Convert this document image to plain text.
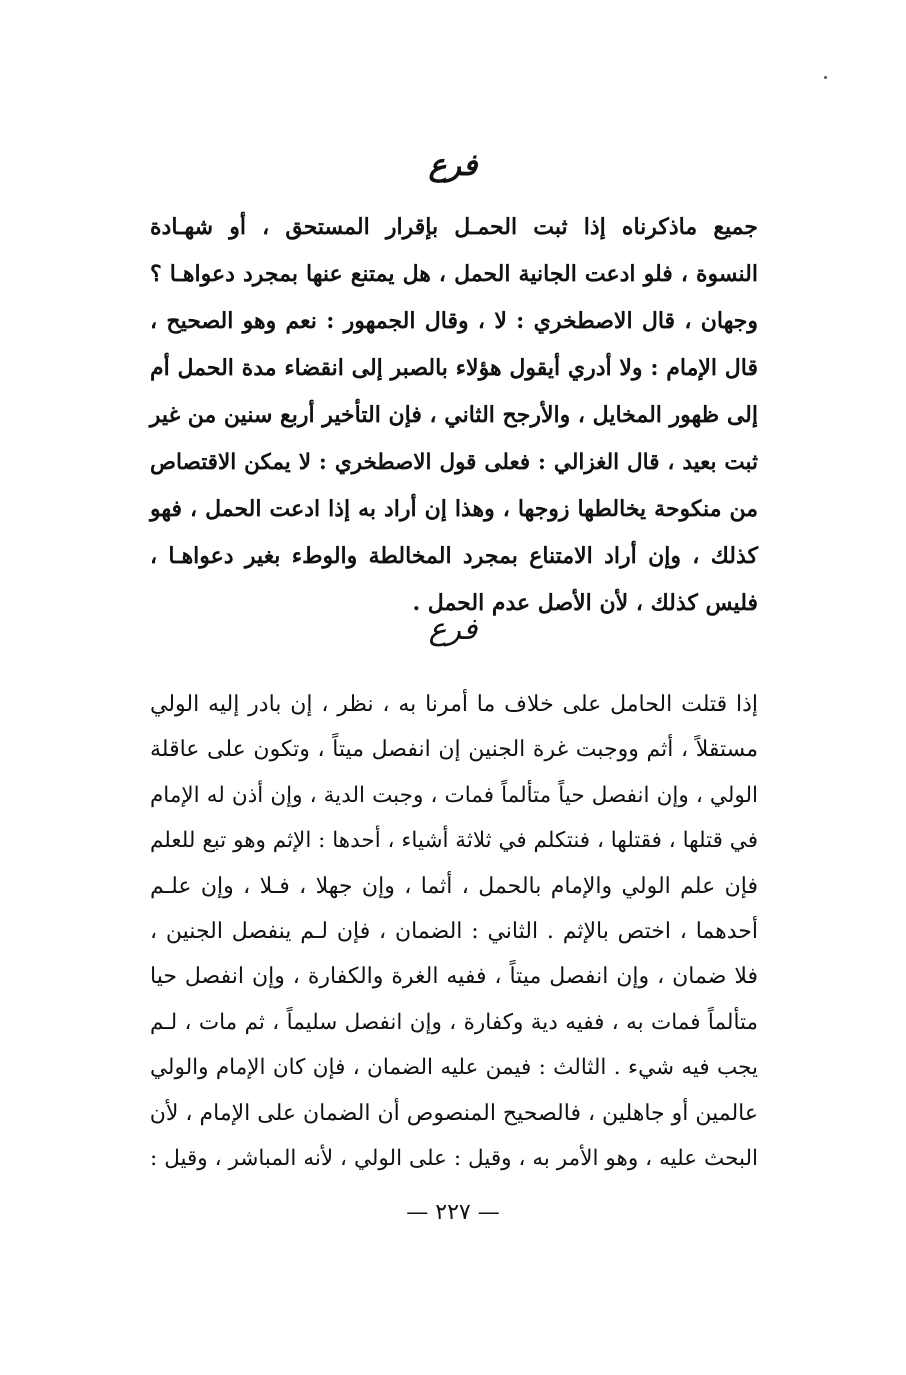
فرع
جميع ماذكرناه إذا ثبت الحمـل بإقرار المستحق ، أو شهـادة
النسوة ، فلو ادعت الجانية الحمل ، هل يمتنع عنها بمجرد دعواهـا ؟
وجهان ، قال الاصطخري : لا ، وقال الجمهور : نعم وهو الصحيح ،
قال الإمام : ولا أدري أيقول هؤلاء بالصبر إلى انقضاء مدة الحمل أم
إلى ظهور المخايل ، والأرجح الثاني ، فإن التأخير أربع سنين من غير
ثبت بعيد ، قال الغزالي : فعلى قول الاصطخري : لا يمكن الاقتصاص
من منكوحة يخالطها زوجها ، وهذا إن أراد به إذا ادعت الحمل ، فهو
كذلك ، وإن أراد الامتناع بمجرد المخالطة والوطء بغير دعواهـا ،
فليس كذلك ، لأن الأصل عدم الحمل .
فرع
إذا قتلت الحامل على خلاف ما أمرنا به ، نظر ، إن بادر إليه الولي
مستقلاً ، أثم ووجبت غرة الجنين إن انفصل ميتاً ، وتكون على عاقلة
الولي ، وإن انفصل حياً متألماً فمات ، وجبت الدية ، وإن أذن له الإمام
في قتلها ، فقتلها ، فنتكلم في ثلاثة أشياء ، أحدها : الإثم وهو تبع للعلم
فإن علم الولي والإمام بالحمل ، أثما ، وإن جهلا ، فـلا ، وإن علـم
أحدهما ، اختص بالإثم . الثاني : الضمان ، فإن لـم ينفصل الجنين ،
فلا ضمان ، وإن انفصل ميتاً ، ففيه الغرة والكفارة ، وإن انفصل حيا
متألماً فمات به ، ففيه دية وكفارة ، وإن انفصل سليماً ، ثم مات ، لـم
يجب فيه شيء . الثالث : فيمن عليه الضمان ، فإن كان الإمام والولي
عالمين أو جاهلين ، فالصحيح المنصوص أن الضمان على الإمام ، لأن
البحث عليه ، وهو الأمر به ، وقيل : على الولي ، لأنه المباشر ، وقيل :
— ٢٢٧ —
